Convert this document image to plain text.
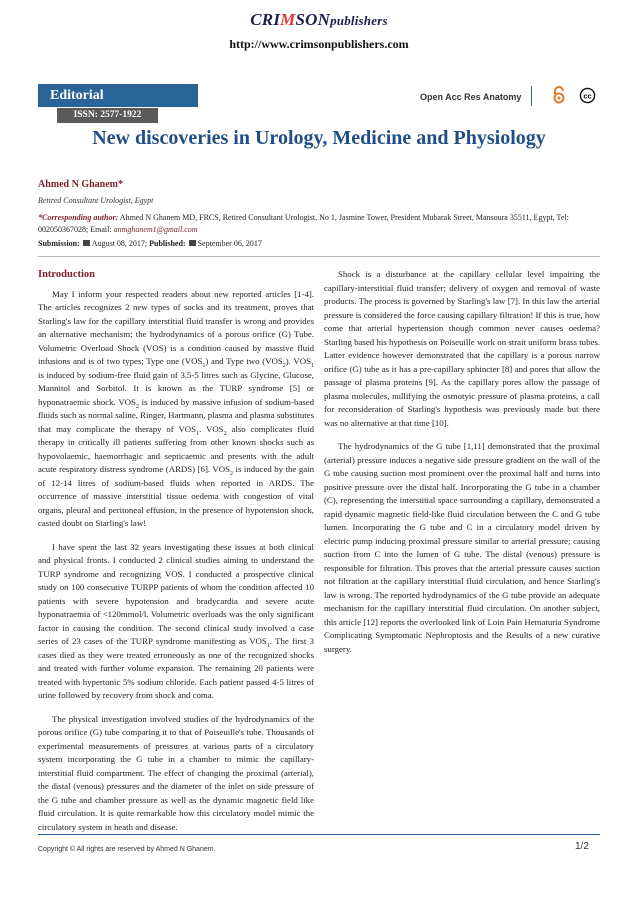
CRIMSONpublishers
http://www.crimsonpublishers.com
Editorial
ISSN: 2577-1922
Open Acc Res Anatomy	cc
New discoveries in Urology, Medicine and Physiology
Ahmed N Ghanem*
Retired Consultant Urologist, Egypt
*Corresponding author: Ahmed N Ghanem MD, FRCS, Retired Consultant Urologist, No 1, Jasmine Tower, President Mubarak Street, Mansoura 35511, Egypt, Tel: 002050367028; Email: anmghanem1@gmail.com
Submission: August 08, 2017; Published: September 06, 2017
Introduction

May I inform your respected readers about new reported articles [1-4]. The articles recognizes 2 new types of socks and its treatment, proves that Starling's law for the capillary interstitial fluid transfer is wrong and provides an alternative mechanism; the hydrodynamics of a porous orifice (G) Tube. Volumetric Overload Shock (VOS) is a condition caused by massive fluid infusions and is of two types; Type one $(VOS_1)$ and Type two $(VOS_2)$. $VOS_1$ is induced by sodium-free fluid gain of 3.5-5 litres such as Glycine, Glucose, Mannitol and Sorbitol. It is known as the TURP syndrome [5] or hyponatraemic shock. $VOS_2$ is induced by massive infusion of sodium-based fluids such as normal saline, Ringer, Hartmann, plasma and plasma substitutes that may complicate the therapy of $VOS_1$. $VOS_2$ also complicates fluid therapy in critically ill patients suffering from other known shocks such as hypovolaemic, haemorrhagic and septicaemic and presents with the adult acute respiratory distress syndrome (ARDS) [6]. $VOS_2$ is induced by the gain of 12-14 litres of sodium-based fluids when reported in ARDS. The occurrence of massive interstitial tissue oedema with congestion of vital organs, pleural and peritoneal effusion, in the presence of hypotension shock, casted doubt on Starling's law!

I have spent the last 32 years investigating these issues at both clinical and physical fronts. I conducted 2 clinical studies aiming to understand the TURP syndrome and recognizing VOS. I conducted a prospective clinical study on 100 consecutive TURPP patients of whom the condition affected 10 patients with severe hypotension and bradycardia and severe acute hyponatraemia of <120mmol/l. Volumetric overloads was the only significant factor in causing the condition. The second clinical study involved a case series of 23 cases of the TURP syndrome manifesting as $VOS_1$. The first 3 cases died as they were treated erroneously as one of the recognized shocks and treated with further volume expansion. The remaining 20 patients were treated with hypertonic 5% sodium chloride. Each patient passed 4-5 litres of urine followed by recovery from shock and coma.

The physical investigation involved studies of the hydrodynamics of the porous orifice (G) tube comparing it to that of Poiseuille's tube. Thousands of experimental measurements of pressures at various parts of a circulatory system incorporating the G tube in a chamber to mimic the capillary-interstitial fluid compartment. The effect of changing the proximal (arterial), the distal (venous) pressures and the diameter of the inlet on side pressure of the G tube and chamber pressure as well as the dynamic magnetic field like fluid circulation. It is quite remarkable how this circulatory model mimic the circulatory system in heath and disease.

Shock is a disturbance at the capillary cellular level impairing the capillary-interstitial fluid transfer; delivery of oxygen and removal of waste products. The process is governed by Starling's law [7]. In this law the arterial pressure is considered the force causing capillary filtration! If this is true, how come that arterial hypertension though common never causes oedema? Starling based his hypothesis on Poiseuille work on strait uniform brass tubes. Latter evidence however demonstrated that the capillary is a porous narrow orifice (G) tube as it has a pre-capillary sphincter [8] and pores that allow the passage of plasma proteins [9]. As the capillary pores allow the passage of plasma molecules, nullifying the osmotyic pressure of plasma proteins, a call for reconsideration of Starling's hypothesis was previously made but there was no alternative at that time [10].

The hydrodynamics of the G tube [1,11] demonstrated that the proximal (arterial) pressure induces a negative side pressure gradient on the wall of the G tube causing suction most prominent over the proximal half and turns into positive pressure over the distal half. Incorporating the G tube in a chamber (C), representing the interstitial space surrounding a capillary, demonstrated a rapid dynamic magnetic field-like fluid circulation between the C and G tube lumen. Incorporating the G tube and C in a circulatory model driven by electric pump inducing proximal pressure similar to arterial pressure; causing suction from C into the lumen of G tube. The distal (venous) pressure is responsible for filtration. This proves that the arterial pressure causes suction not filtration at the capillary interstitial fluid circulation, and hence Starling's law is wrong. The reported hydrodynamics of the G tube provide an adequate mechanism for the capillary interstitial fluid circulation. On another subject, this article [12] reports the overlooked link of Loin Pain Hematuria Syndrome Complicating Symptomatic Nephroptosis and the Results of a new curative surgery.

Copyright © All rights are reserved by Ahmed N Ghanem.	1/2
